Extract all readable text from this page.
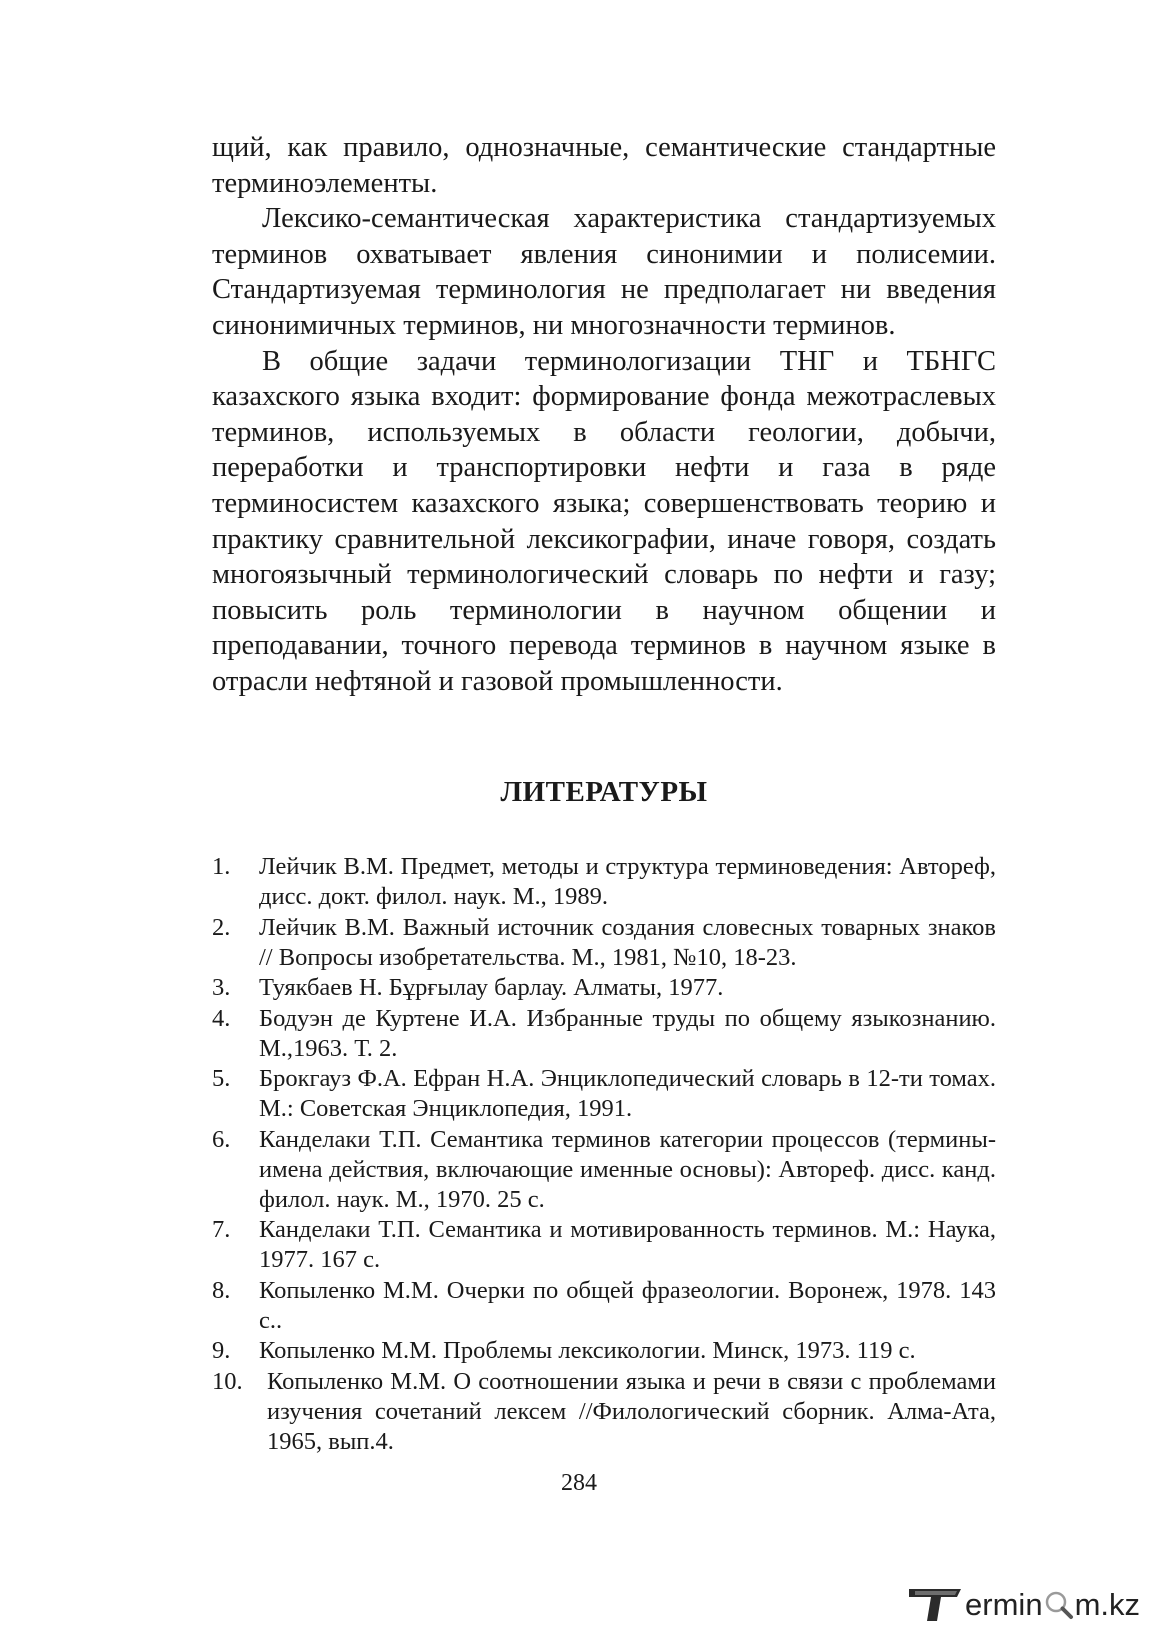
щий, как правило, однозначные, семантические стандартные терминоэлементы.

Лексико-семантическая характеристика стандартизуемых терминов охватывает явления синонимии и полисемии. Стандартизуемая терминология не предполагает ни введения синонимичных терминов, ни многозначности терминов.

В общие задачи терминологизации ТНГ и ТБНГС казахского языка входит: формирование фонда межотраслевых терминов, используемых в области геологии, добычи, переработки и транспортировки нефти и газа в ряде терминосистем казахского языка; совершенствовать теорию и практику сравнительной лексикографии, иначе говоря, создать многоязычный терминологический словарь по нефти и газу; повысить роль терминологии в научном общении и преподавании, точного перевода терминов в научном языке в отрасли нефтяной и газовой промышленности.

ЛИТЕРАТУРЫ
1.	Лейчик В.М. Предмет, методы и структура терминоведения: Автореф, дисс. докт. филол. наук. М., 1989.
2.	Лейчик В.М. Важный источник создания словесных товарных знаков // Вопросы изобретательства. М., 1981, №10, 18-23.
3.	Туякбаев Н. Бұрғылау барлау. Алматы, 1977.
4.	Бодуэн де Куртене И.А. Избранные труды по общему языкознанию. М.,1963. Т. 2.
5.	Брокгауз Ф.А. Ефран Н.А. Энциклопедический словарь в 12-ти томах. М.: Советская Энциклопедия, 1991.
6.	Канделаки Т.П. Семантика терминов категории процессов (термины-имена действия, включающие именные основы): Автореф. дисс. канд. филол. наук. М., 1970. 25 с.
7.	Канделаки Т.П. Семантика и мотивированность терминов. М.: Наука, 1977. 167 с.
8.	Копыленко М.М. Очерки по общей фразеологии. Воронеж, 1978. 143 с..
9.	Копыленко М.М. Проблемы лексикологии. Минск, 1973. 119 с.
10. Копыленко М.М. О соотношении языка и речи в связи с проблемами изучения сочетаний лексем //Филологический сборник. Алма-Ата, 1965, вып.4.
284
ermin m.kz
